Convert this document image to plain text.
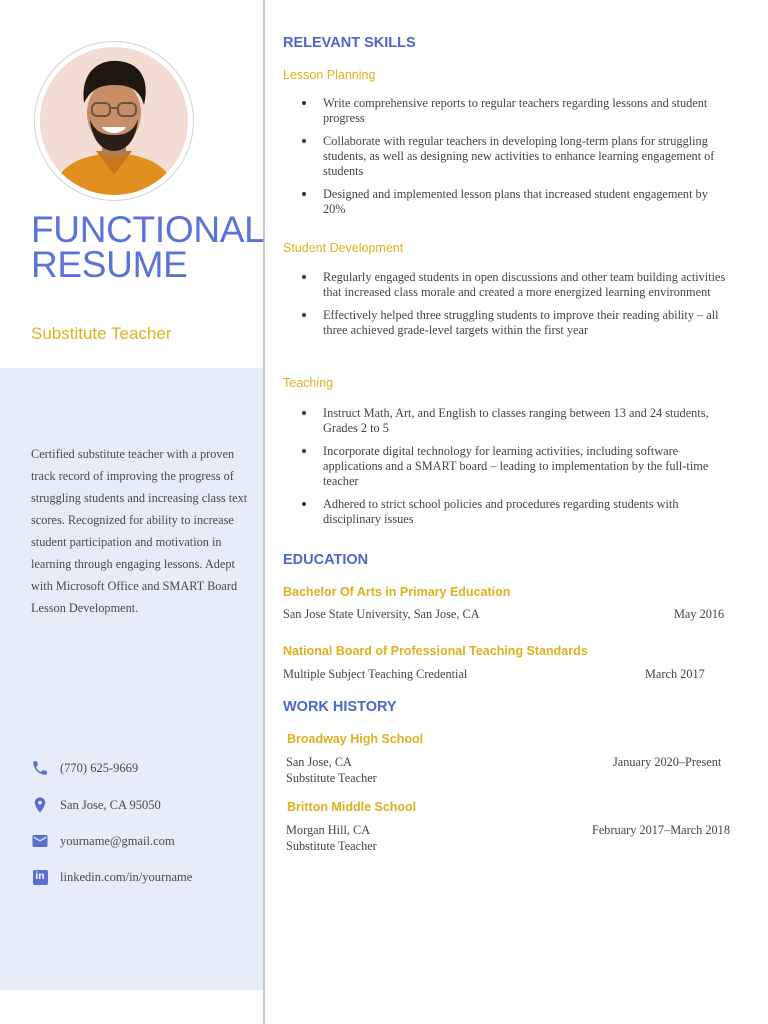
FUNCTIONAL
RESUME
Substitute Teacher
Certified substitute teacher with a proven track record of improving the progress of struggling students and increasing class text scores. Recognized for ability to increase student participation and motivation in learning through engaging lessons. Adept with Microsoft Office and SMART Board Lesson Development.
(770) 625-9669
San Jose, CA 95050
yourname@gmail.com
in linkedin.com/in/yourname
RELEVANT SKILLS
Lesson Planning
Write comprehensive reports to regular teachers regarding lessons and student progress
Collaborate with regular teachers in developing long-term plans for struggling students, as well as designing new activities to enhance learning engagement of students
Designed and implemented lesson plans that increased student engagement by 20%
Student Development
Regularly engaged students in open discussions and other team building activities that increased class morale and created a more energized learning environment
Effectively helped three struggling students to improve their reading ability – all three achieved grade-level targets within the first year
Teaching
Instruct Math, Art, and English to classes ranging between 13 and 24 students, Grades 2 to 5
Incorporate digital technology for learning activities, including software applications and a SMART board – leading to implementation by the full-time teacher
Adhered to strict school policies and procedures regarding students with disciplinary issues
EDUCATION
Bachelor Of Arts in Primary Education
San Jose State University, San Jose, CA	May 2016
National Board of Professional Teaching Standards
Multiple Subject Teaching Credential	March 2017
WORK HISTORY
Broadway High School
San Jose, CA	January 2020–Present
Substitute Teacher
Britton Middle School
Morgan Hill, CA	February 2017–March 2018
Substitute Teacher
